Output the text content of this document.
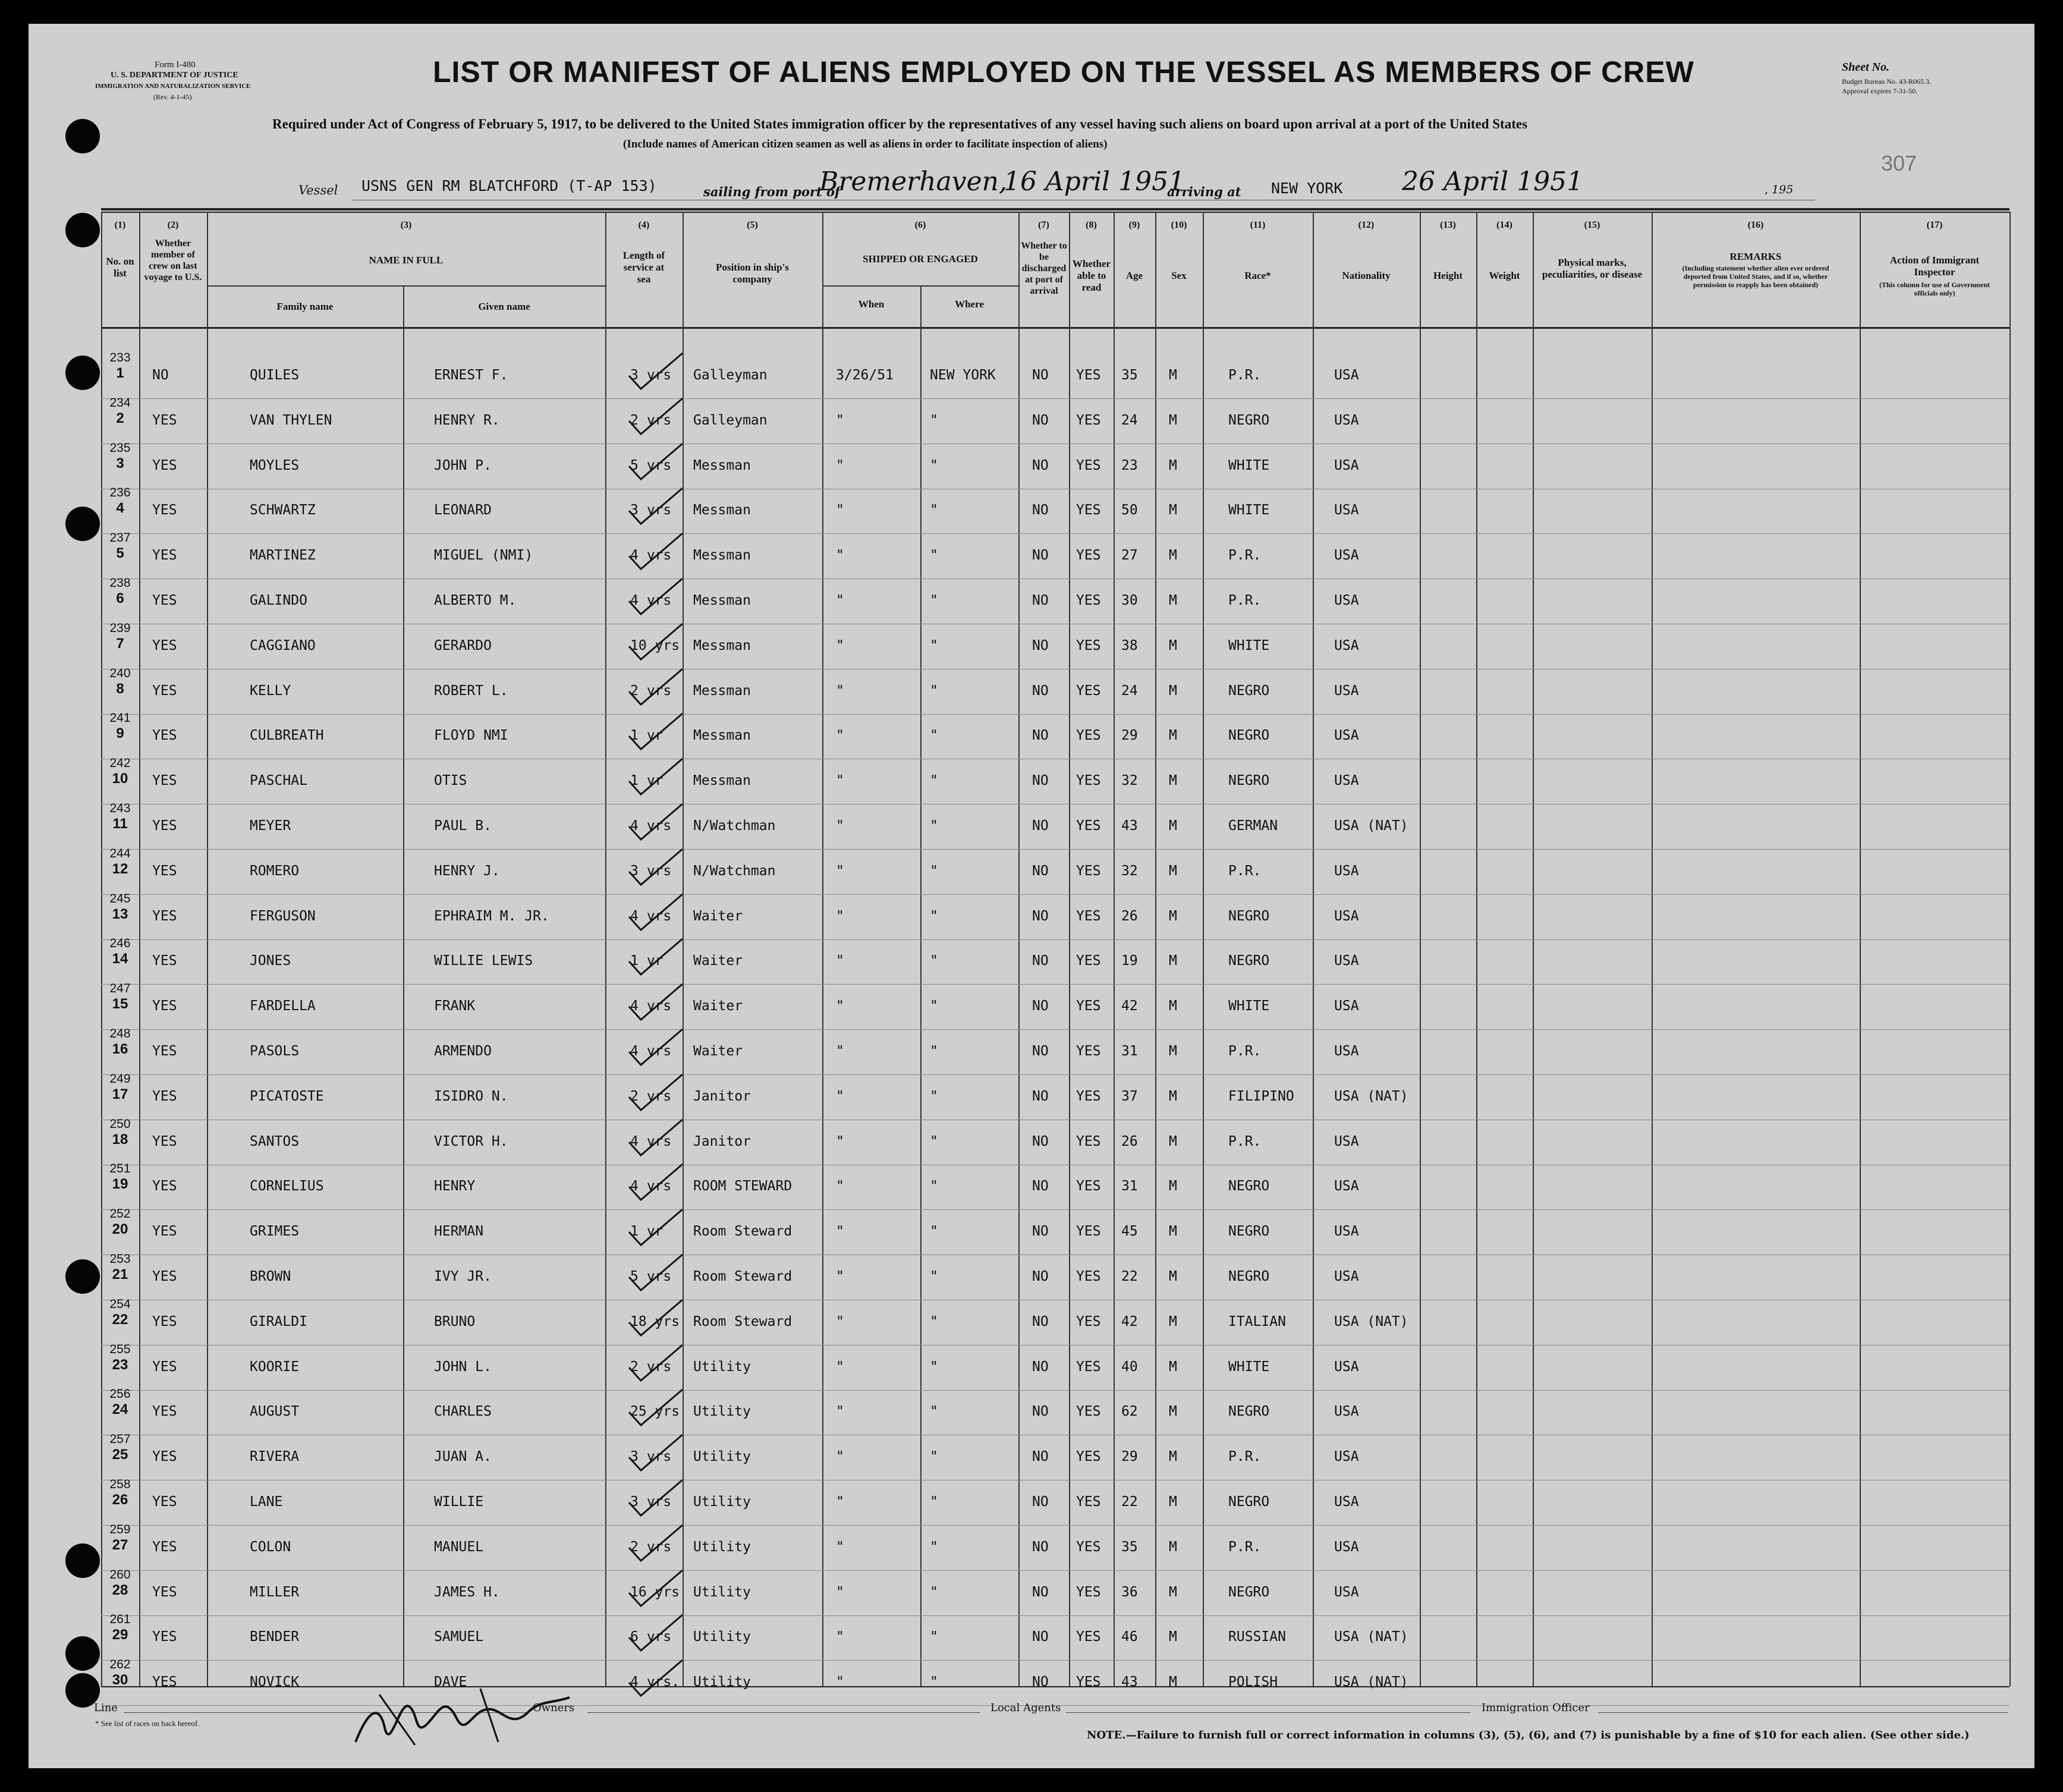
Form I-480
U. S. DEPARTMENT OF JUSTICE
IMMIGRATION AND NATURALIZATION SERVICE
(Rev. 4-1-45)
LIST OR MANIFEST OF ALIENS EMPLOYED ON THE VESSEL AS MEMBERS OF CREW	Sheet No.
Budget Bureau No. 43-R065.3.
Approval expires 7-31-50.
307
Required under Act of Congress of February 5, 1917, to be delivered to the United States immigration officer by the representatives of any vessel having such aliens on board upon arrival at a port of the United States
(Include names of American citizen seamen as well as aliens in order to facilitate inspection of aliens)
Vessel USNS GEN RM BLATCHFORD (T-AP 153)	sailing from port of
Bremerhaven,
16 April 1951
arriving at NEW YORK 26 April 1951	, 195
(1)	(2)	(3)	(4)	(5)	(6)	(7)	(8)	(9)	(10)	(11)	(12)	(13)	(14)	(15)	(16)	(17)
No. on list
Whether member of crew on last voyage to U.S.
NAME IN FULL
Family name	Given name
Length of service at sea
Position in ship's company
SHIPPED OR ENGAGED
When	Where
Whether to be discharged at port of arrival
Whether able to read
Age	Sex	Race*	Nationality	Height	Weight
Physical marks, peculiarities, or disease
REMARKS
(Including statement whether alien ever ordered deported from United States, and if so, whether permission to reapply has been obtained)
Action of Immigrant Inspector
(This column for use of Government officials only)
233
1	NO	QUILES	ERNEST F.	3 yrs Galleyman	3/26/51	NEW YORK	NO YES 35 M	P.R.	USA
234
2	YES	VAN THYLEN	HENRY R.	2 yrs Galleyman	"	"	NO YES 24 M	NEGRO	USA
235
3	YES	MOYLES	JOHN P.	5 yrs Messman	"	"	NO YES 23 M	WHITE	USA
236
4	YES	SCHWARTZ	LEONARD	3 yrs Messman	"	"	NO YES 50 M	WHITE	USA
237
5	YES	MARTINEZ	MIGUEL (NMI)	4 yrs Messman	"	"	NO YES 27 M	P.R.	USA
238
6	YES	GALINDO	ALBERTO M.	4 yrs Messman	"	"	NO YES 30 M	P.R.	USA
239
7	YES	CAGGIANO	GERARDO	10 yrs Messman	"	"	NO YES 38 M	WHITE	USA
240
8	YES	KELLY	ROBERT L.	2 yrs Messman	"	"	NO YES 24 M	NEGRO	USA
241
9	YES	CULBREATH	FLOYD NMI	1 yr Messman	"	"	NO YES 29 M	NEGRO	USA
242
10	YES	PASCHAL	OTIS	1 yr Messman	"	"	NO YES 32 M	NEGRO	USA
243
11	YES	MEYER	PAUL B.	4 yrs N/Watchman	"	"	NO YES 43 M	GERMAN	USA (NAT)
244
12	YES	ROMERO	HENRY J.	3 yrs N/Watchman	"	"	NO YES 32 M	P.R.	USA
245
13	YES	FERGUSON	EPHRAIM M. JR.	4 yrs Waiter	"	"	NO YES 26 M	NEGRO	USA
246
14	YES	JONES	WILLIE LEWIS	1 yr Waiter	"	"	NO YES 19 M	NEGRO	USA
247
15	YES	FARDELLA	FRANK	4 yrs Waiter	"	"	NO YES 42 M	WHITE	USA
248
16	YES	PASOLS	ARMENDO	4 yrs Waiter	"	"	NO YES 31 M	P.R.	USA
249
17	YES	PICATOSTE	ISIDRO N.	2 yrs Janitor	"	"	NO YES 37 M	FILIPINO	USA (NAT)
250
18	YES	SANTOS	VICTOR H.	4 yrs Janitor	"	"	NO YES 26 M	P.R.	USA
251
19	YES	CORNELIUS	HENRY	4 yrs ROOM STEWARD	"	"	NO YES 31 M	NEGRO	USA
252
20	YES	GRIMES	HERMAN	1 yr Room Steward	"	"	NO YES 45 M	NEGRO	USA
253
21	YES	BROWN	IVY JR.	5 yrs Room Steward	"	"	NO YES 22 M	NEGRO	USA
254
22	YES	GIRALDI	BRUNO	18 yrs Room Steward	"	"	NO YES 42 M	ITALIAN	USA (NAT)
255
23	YES	KOORIE	JOHN L.	2 yrs Utility	"	"	NO YES 40 M	WHITE	USA
256
24	YES	AUGUST	CHARLES	25 yrs Utility	"	"	NO YES 62 M	NEGRO	USA
257
25	YES	RIVERA	JUAN A.	3 yrs Utility	"	"	NO YES 29 M	P.R.	USA
258
26	YES	LANE	WILLIE	3 yrs Utility	"	"	NO YES 22 M	NEGRO	USA
259
27	YES	COLON	MANUEL	2 yrs Utility	"	"	NO YES 35 M	P.R.	USA
260
28	YES	MILLER	JAMES H.	16 yrs Utility	"	"	NO YES 36 M	NEGRO	USA
261
29	YES	BENDER	SAMUEL	6 yrs Utility	"	"	NO YES 46 M	RUSSIAN	USA (NAT)
262
30	YES	NOVICK	DAVE	4 yrs. Utility	"	"	NO YES 43 M	POLISH	USA (NAT)
Line	Owners	Local Agents	Immigration Officer
* See list of races on back hereof.
NOTE.—Failure to furnish full or correct information in columns (3), (5), (6), and (7) is punishable by a fine of $10 for each alien. (See other side.)
